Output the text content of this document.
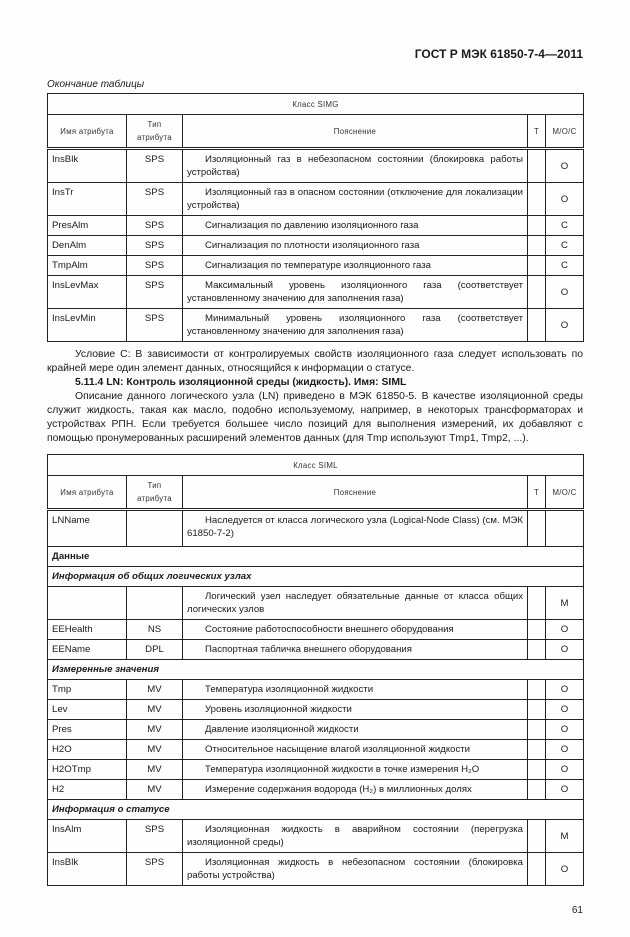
ГОСТ Р МЭК 61850-7-4—2011
Окончание таблицы
Класс SIMG				
Имя атрибута	Тип атрибута	Пояснение	Т	М/О/С
InsBlk	SPS	Изоляционный газ в небезопасном состоянии (блокировка работы устройства)		O
InsTr	SPS	Изоляционный газ в опасном состоянии (отключение для локализации устройства)		O
PresAlm	SPS	Сигнализация по давлению изоляционного газа		C
DenAlm	SPS	Сигнализация по плотности изоляционного газа		C
TmpAlm	SPS	Сигнализация по температуре изоляционного газа		C
InsLevMax	SPS	Максимальный уровень изоляционного газа (соответствует установленному значению для заполнения газа)		O
InsLevMin	SPS	Минимальный уровень изоляционного газа (соответствует установленному значению для заполнения газа)		O

Условие С: В зависимости от контролируемых свойств изоляционного газа следует использовать по крайней мере один элемент данных, относящийся к информации о статусе.

5.11.4 LN: Контроль изоляционной среды (жидкость). Имя: SIML

Описание данного логического узла (LN) приведено в МЭК 61850-5. В качестве изоляционной среды служит жидкость, такая как масло, подобно используемому, например, в некоторых трансформаторах и устройствах РПН. Если требуется большее число позиций для выполнения измерений, их добавляют с помощью пронумерованных расширений элементов данных (для Tmp используют Tmp1, Tmp2, ...).

Класс SIML				
Имя атрибута	Тип атрибута	Пояснение	Т	М/О/С
LNName		Наследуется от класса логического узла (Logical-Node Class) (см. МЭК 61850-7-2)		
Данные				
Информация об общих логических узлах				
		Логический узел наследует обязательные данные от класса общих логических узлов		M
EEHealth	NS	Состояние работоспособности внешнего оборудования		O
EEName	DPL	Паспортная табличка внешнего оборудования		O
Измеренные значения				
Tmp	MV	Температура изоляционной жидкости		O
Lev	MV	Уровень изоляционной жидкости		O
Pres	MV	Давление изоляционной жидкости		O
H2O	MV	Относительное насыщение влагой изоляционной жидкости		O
H2OTmp	MV	Температура изоляционной жидкости в точке измерения H₂O		O
H2	MV	Измерение содержания водорода (H₂) в миллионных долях		O
Информация о статусе				
InsAlm	SPS	Изоляционная жидкость в аварийном состоянии (перегрузка изоляционной среды)		M
InsBlk	SPS	Изоляционная жидкость в небезопасном состоянии (блокировка работы устройства)		O
61
